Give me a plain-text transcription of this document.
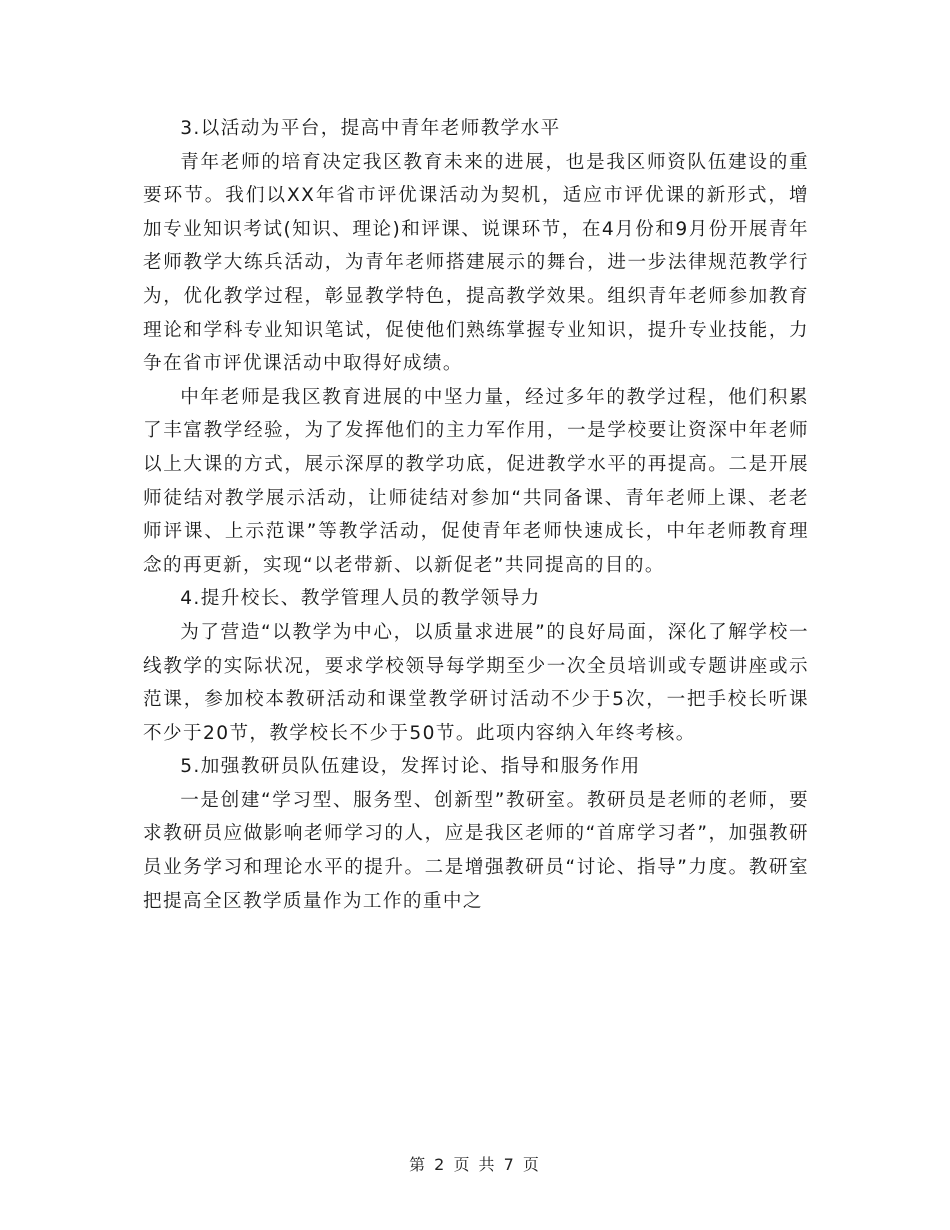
3.以活动为平台，提高中青年老师教学水平

青年老师的培育决定我区教育未来的进展，也是我区师资队伍建设的重要环节。我们以XX年省市评优课活动为契机，适应市评优课的新形式，增加专业知识考试(知识、理论)和评课、说课环节，在4月份和9月份开展青年老师教学大练兵活动，为青年老师搭建展示的舞台，进一步法律规范教学行为，优化教学过程，彰显教学特色，提高教学效果。组织青年老师参加教育理论和学科专业知识笔试，促使他们熟练掌握专业知识，提升专业技能，力争在省市评优课活动中取得好成绩。

中年老师是我区教育进展的中坚力量，经过多年的教学过程，他们积累了丰富教学经验，为了发挥他们的主力军作用，一是学校要让资深中年老师以上大课的方式，展示深厚的教学功底，促进教学水平的再提高。二是开展师徒结对教学展示活动，让师徒结对参加“共同备课、青年老师上课、老老师评课、上示范课”等教学活动，促使青年老师快速成长，中年老师教育理念的再更新，实现“以老带新、以新促老”共同提高的目的。

4.提升校长、教学管理人员的教学领导力

为了营造“以教学为中心，以质量求进展”的良好局面，深化了解学校一线教学的实际状况，要求学校领导每学期至少一次全员培训或专题讲座或示范课，参加校本教研活动和课堂教学研讨活动不少于5次，一把手校长听课不少于20节，教学校长不少于50节。此项内容纳入年终考核。

5.加强教研员队伍建设，发挥讨论、指导和服务作用

一是创建“学习型、服务型、创新型”教研室。教研员是老师的老师，要求教研员应做影响老师学习的人，应是我区老师的“首席学习者”，加强教研员业务学习和理论水平的提升。二是增强教研员“讨论、指导”力度。教研室把提高全区教学质量作为工作的重中之

第 2 页 共 7 页
